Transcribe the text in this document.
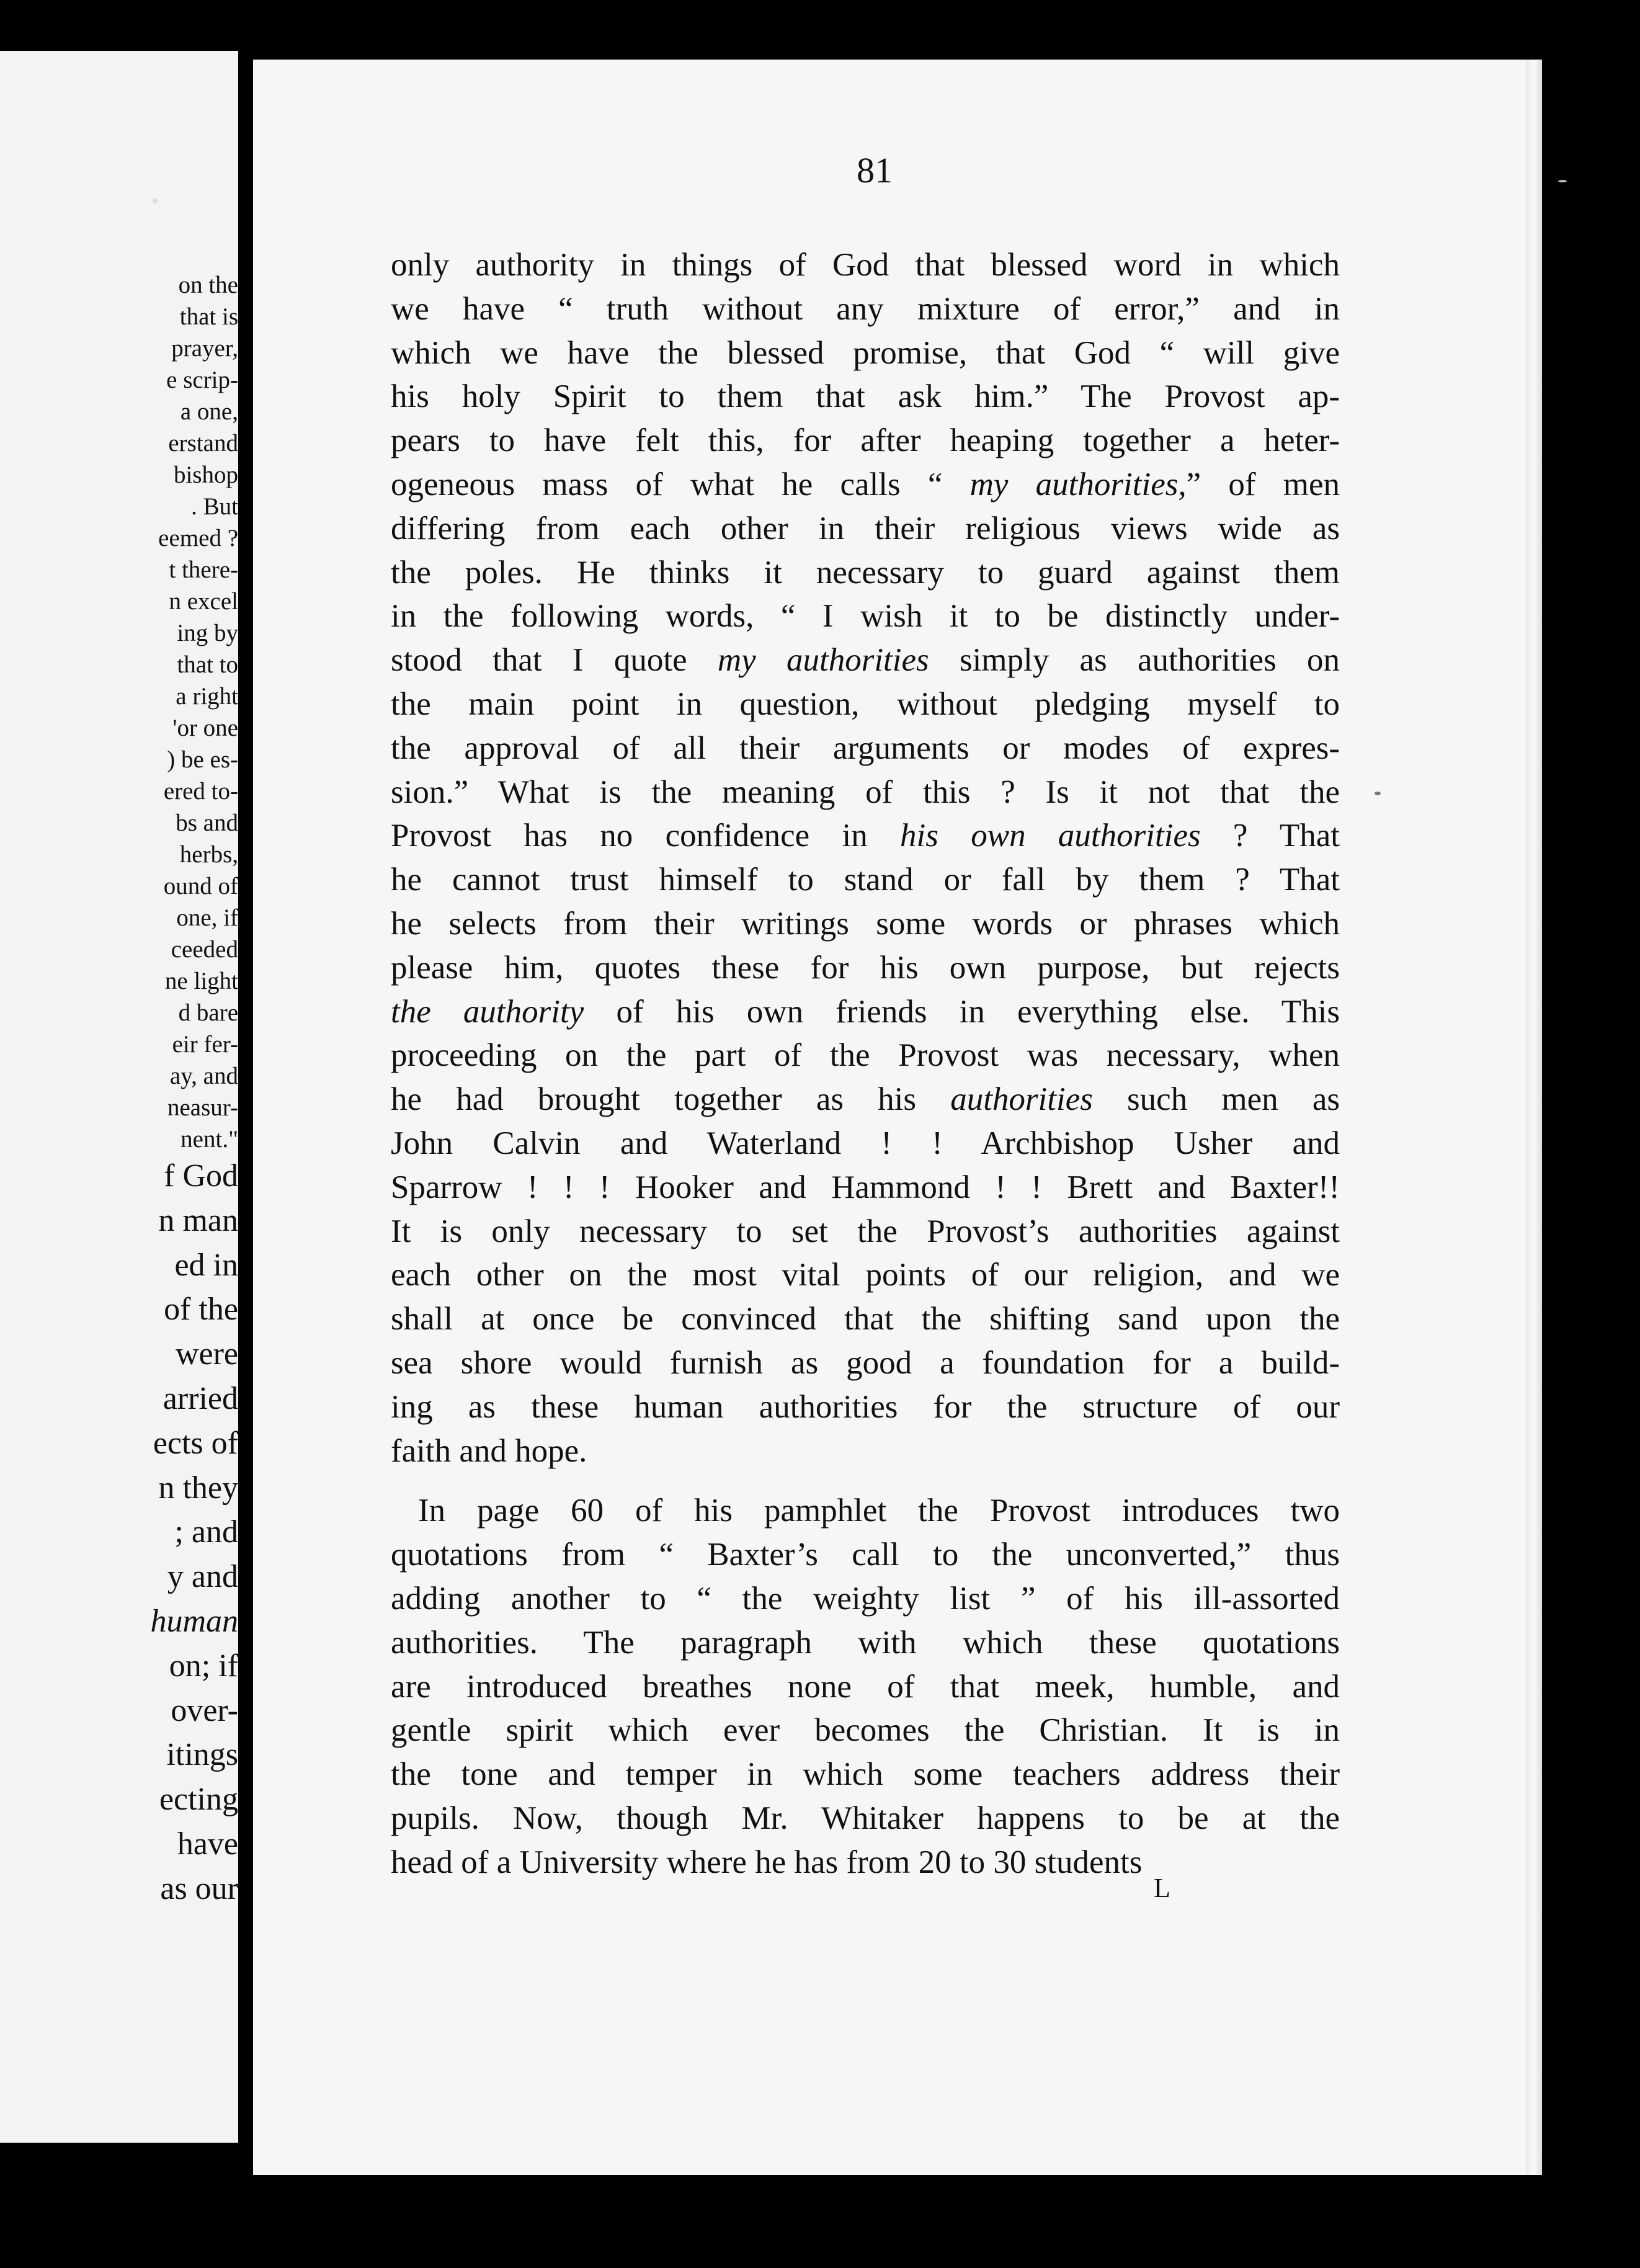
on the
that is
prayer,
e scrip-
a one,
erstand
bishop
. But
eemed ?
t there-
n excel
ing by
that to
a right
'or one
) be es-
ered to-
bs and
herbs,
ound of
one, if
ceeded
ne light
d bare
eir fer-
ay, and
neasur-
nent."
f God
n man
ed in
of the
were
arried
ects of
n they
; and
y and
human
on; if
over-
itings
ecting
have
as our
81
only authority in things of God that blessed word in which
we have “ truth without any mixture of error,” and in
which we have the blessed promise, that God “ will give
his holy Spirit to them that ask him.” The Provost ap-
pears to have felt this, for after heaping together a heter-
ogeneous mass of what he calls “ my authorities,” of men
differing from each other in their religious views wide as
the poles. He thinks it necessary to guard against them
in the following words, “ I wish it to be distinctly under-
stood that I quote my authorities simply as authorities on
the main point in question, without pledging myself to
the approval of all their arguments or modes of expres-
sion.” What is the meaning of this ? Is it not that the
Provost has no confidence in his own authorities ? That
he cannot trust himself to stand or fall by them ? That
he selects from their writings some words or phrases which
please him, quotes these for his own purpose, but rejects
the authority of his own friends in everything else. This
proceeding on the part of the Provost was necessary, when
he had brought together as his authorities such men as
John Calvin and Waterland ! ! Archbishop Usher and
Sparrow ! ! ! Hooker and Hammond ! ! Brett and Baxter!!
It is only necessary to set the Provost’s authorities against
each other on the most vital points of our religion, and we
shall at once be convinced that the shifting sand upon the
sea shore would furnish as good a foundation for a build-
ing as these human authorities for the structure of our
faith and hope.
In page 60 of his pamphlet the Provost introduces two
quotations from “ Baxter’s call to the unconverted,” thus
adding another to “ the weighty list ” of his ill-assorted
authorities. The paragraph with which these quotations
are introduced breathes none of that meek, humble, and
gentle spirit which ever becomes the Christian. It is in
the tone and temper in which some teachers address their
pupils. Now, though Mr. Whitaker happens to be at the
head of a University where he has from 20 to 30 students
L
